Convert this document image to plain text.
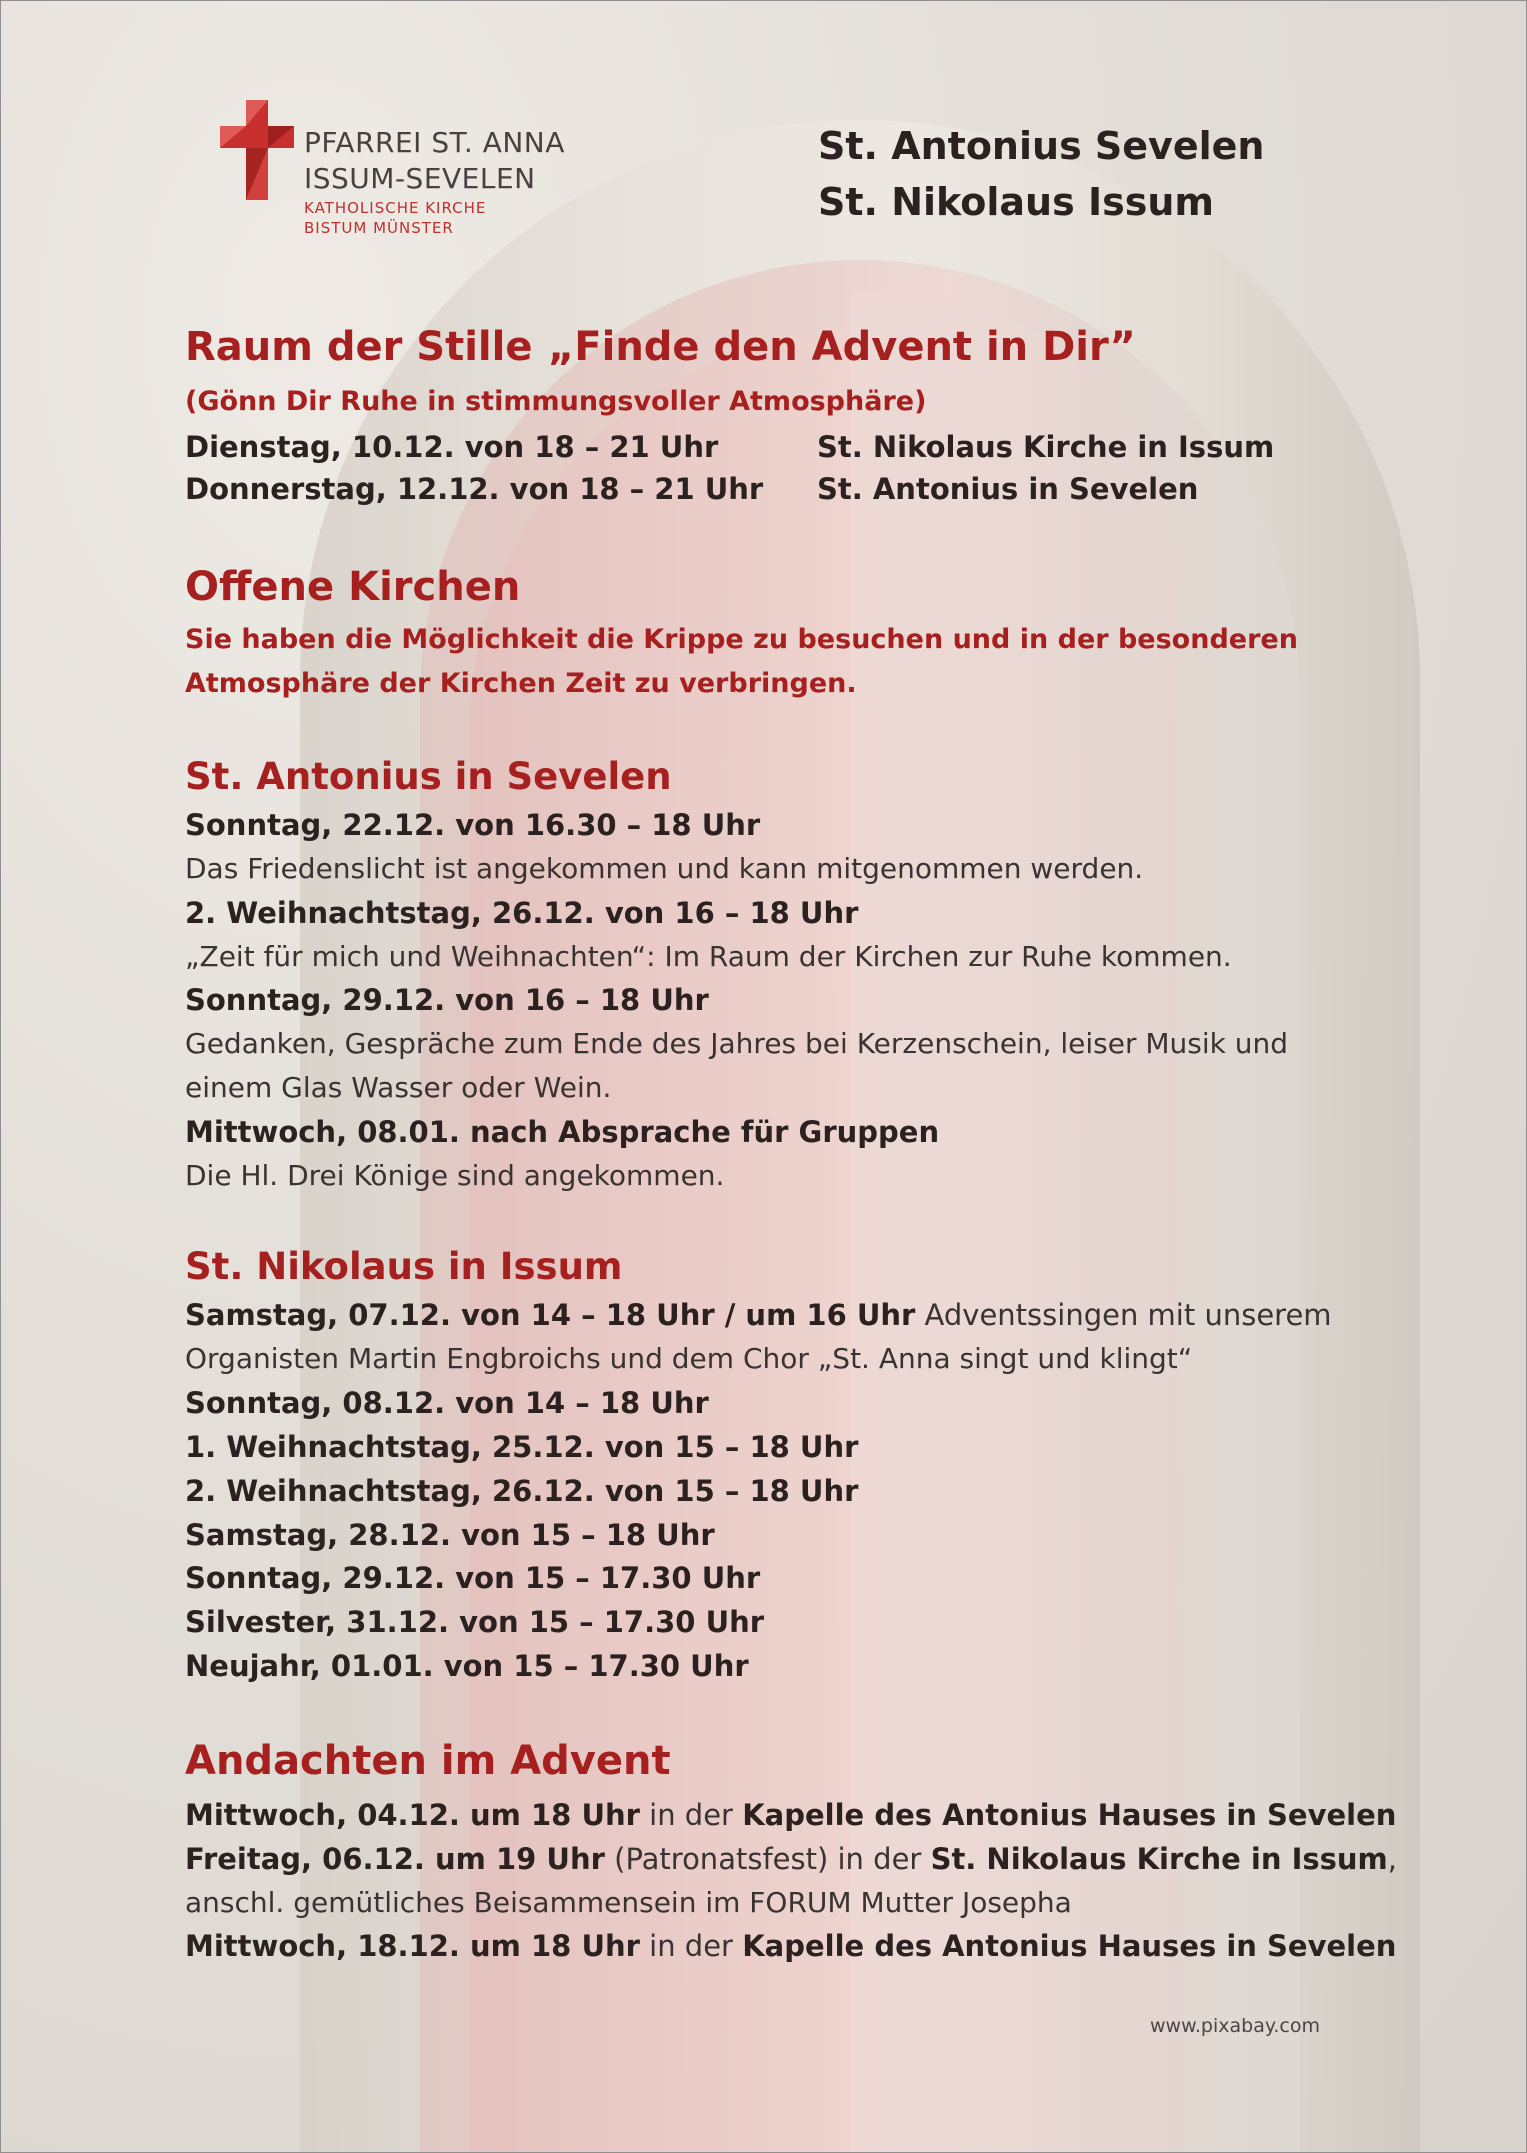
PFARREI ST. ANNA
ISSUM-SEVELEN
KATHOLISCHE KIRCHE
BISTUM MÜNSTER
St. Antonius Sevelen
St. Nikolaus Issum
Raum der Stille „Finde den Advent in Dir”
(Gönn Dir Ruhe in stimmungsvoller Atmosphäre)
Dienstag, 10.12. von 18 – 21 Uhr	St. Nikolaus Kirche in Issum
Donnerstag, 12.12. von 18 – 21 Uhr St. Antonius in Sevelen
Offene Kirchen
Sie haben die Möglichkeit die Krippe zu besuchen und in der besonderen
Atmosphäre der Kirchen Zeit zu verbringen.
St. Antonius in Sevelen
Sonntag, 22.12. von 16.30 – 18 Uhr
Das Friedenslicht ist angekommen und kann mitgenommen werden.
2. Weihnachtstag, 26.12. von 16 – 18 Uhr
„Zeit für mich und Weihnachten“: Im Raum der Kirchen zur Ruhe kommen.
Sonntag, 29.12. von 16 – 18 Uhr
Gedanken, Gespräche zum Ende des Jahres bei Kerzenschein, leiser Musik und
einem Glas Wasser oder Wein.
Mittwoch, 08.01. nach Absprache für Gruppen
Die Hl. Drei Könige sind angekommen.
St. Nikolaus in Issum
Samstag, 07.12. von 14 – 18 Uhr / um 16 Uhr Adventssingen mit unserem
Organisten Martin Engbroichs und dem Chor „St. Anna singt und klingt“
Sonntag, 08.12. von 14 – 18 Uhr
1. Weihnachtstag, 25.12. von 15 – 18 Uhr
2. Weihnachtstag, 26.12. von 15 – 18 Uhr
Samstag, 28.12. von 15 – 18 Uhr
Sonntag, 29.12. von 15 – 17.30 Uhr
Silvester, 31.12. von 15 – 17.30 Uhr
Neujahr, 01.01. von 15 – 17.30 Uhr
Andachten im Advent
Mittwoch, 04.12. um 18 Uhr in der Kapelle des Antonius Hauses in Sevelen
Freitag, 06.12. um 19 Uhr (Patronatsfest) in der St. Nikolaus Kirche in Issum,
anschl. gemütliches Beisammensein im FORUM Mutter Josepha
Mittwoch, 18.12. um 18 Uhr in der Kapelle des Antonius Hauses in Sevelen
www.pixabay.com
